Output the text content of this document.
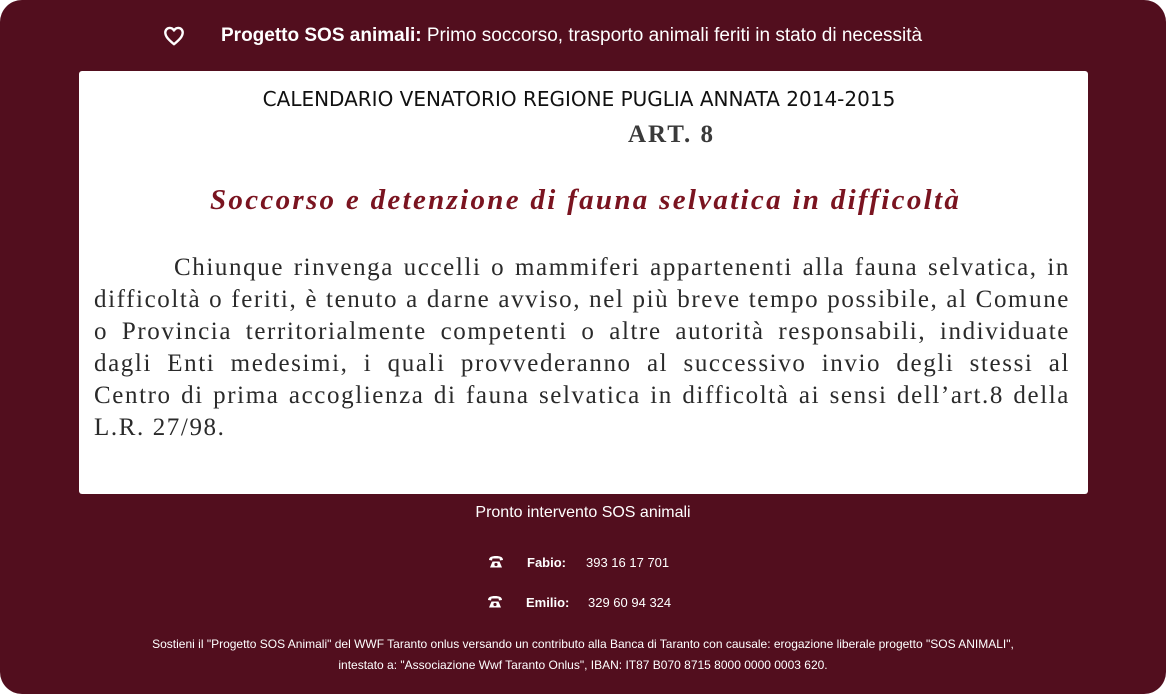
Progetto SOS animali: Primo soccorso, trasporto animali feriti in stato di necessità
CALENDARIO VENATORIO REGIONE PUGLIA ANNATA 2014-2015
ART. 8
Soccorso e detenzione di fauna selvatica in difficoltà
Chiunque rinvenga uccelli o mammiferi appartenenti alla fauna selvatica, in difficoltà o feriti, è tenuto a darne avviso, nel più breve tempo possibile, al Comune o Provincia territorialmente competenti o altre autorità responsabili, individuate dagli Enti medesimi, i quali provvederanno al successivo invio degli stessi al Centro di prima accoglienza di fauna selvatica in difficoltà ai sensi dell’art.8 della L.R. 27/98.
Pronto intervento SOS animali
Fabio: 393 16 17 701
Emilio: 329 60 94 324
Sostieni il "Progetto SOS Animali" del WWF Taranto onlus versando un contributo alla Banca di Taranto con causale: erogazione liberale progetto "SOS ANIMALI",
intestato a: "Associazione Wwf Taranto Onlus", IBAN: IT87 B070 8715 8000 0000 0003 620.
